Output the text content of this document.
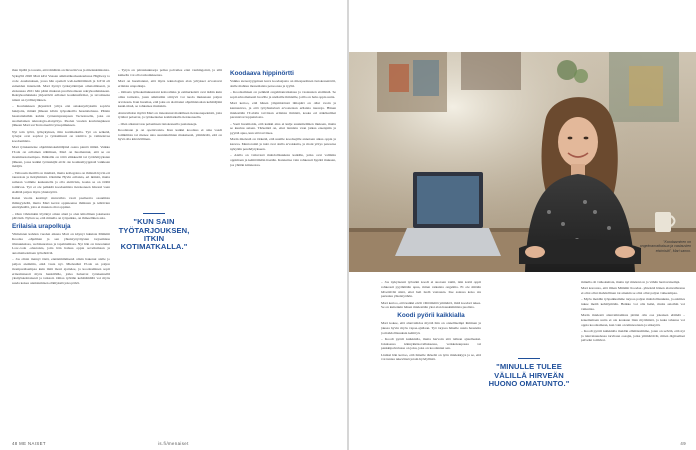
ihan lipillä ja toresin, että tämähän on hirsu hirvas ja mielenkiintoista.

Syksyllä 2020 Mari kävi Vaasan ammattikorkeakoulussa Highway to code -koulutuksen, jossa hän opetteli web-kehittämistä ja IoT:tä eli esineiden internetiä. Mari hyötyi työkaytäntöjen omatoimisesti, ja elokuussa 2021 hän pääsi mukaan puolivuotiseen rekrykoulutukseen. Rekrykoulutuksia järjestävät erilaiset koulutusfirmat, ja tavoitteena niissä on työllistyminen.

– Koulutuksen järjestävä yritys etsi asiakasyrityksiin sopivia hakijoita, minkä jälkeen kävin työpaikoilla haastattelussa. Pääsin haastatteluihin kahtia työnantajaatapaan Tecnotreelle, joka on suomalainen teknologia-alanyritys. Puolen vuoden koulutusjakson jälkeen Mari sai Tecnotreeltä työsopimuksen.

Nyt tein työtä, työkykyinen, tiiin kotimatkalla. Työ on selkeää, työajat ovat sopivat ja työkulttuuri on toimiva ja vaihtelevaa koodaamista.

Mari työskentelee ohjelmistokehittäjänä osana pientä tiimiä. Vaikka IT-ala on erilainen nähtiinen, Mari on huomannut, että se on monimuotoisempaa. Ihmisille on töitä eläkkeeltä tai työttömyyksien jälkeen, jossa kaikki työntekijät eivät ole koulusmyyppisiä vaikkaan tietäjiä.

– Valtaosin merillä on mielistä, mutta kollegoina on ihmisiä hyvin eri taustoista ja ikäryhmistä. Olemme Hyvin erilaisia, eri ikäisiä, mutta samaan voimme keskustella ja olla aktiivisia, koska se on täällä toimivaa. Työ ei ole pelkkää koodaamista tietokoneen ääressä vaan sisältää paljon myös yhteistyötä.

Kaksi vuotta kestänyt alanvaihto vaati paalteotta osaamista ihmisyydellä, mutta Mari kertoi oppineensa ihmisten ja tehtävien ennätyksillä, joita ei muuten olisi oppinut.

– Olen vihdoinkin löytänyt oman alani ja olen kiitollinen jokaisesta päivästä. Nytten se, että minulla on työpaikka, on ihmeellinen asia.

Erilaisia urapolkuja

Viimeisten kahden vuoden aikana Mari on käynyt lukuisia Mimmit Koodaa -ohjelman ja sen yhteistyöyritysten tarjoamissa tilaisuuksissa, webinaareissa ja tapahtumissa. Nyt hän on innostunut Low-code -alustoista, joita hän haluaa oppia soveltamaan ja automatisoimaan työtehtäviä.

– Jos olisin tiennyt tästä, ennäsimmäisenä olisin hakenut alalle jo paljon aiemmin, eikä vasta nyt. Mielestäni IT-ala on paljon monipuolisempaa kuin mitä moni ajattelee, ja koodaaminen sopii erinomaisesti myös henkilöille, jotka haluavat työskennellä yksityiskohtaisesti ja tarkasti. Omaa työtään kehittämällä voi myös saada kokea onnistumisen elämyksiä joka päivä.

– Tytyn on pärstakuknaoja polku polveilee ettei vanhingointi, ja silti kaikella voi olla tarkoituksensa.

Mari on huomannut, että myös teknologian alan yritykset arvostavat erilaisia urapolkuja.

– Omasta työkokemuksestani koitoallaka ja esimerkeistä ovat ikään kuin omia tarinoita, joten ammattiin siirtyvä voi tuoda mukanaan paljon arvokasta. Kun huomaa, että joku on aloittanut ohjelmistoalan kehittäjänä keski-iässä, se rohkaisee muitakin.

Alanvaihdon myötä Mari on innostunut matkilleen tietokonepeleistä, joita tyttäret pelaavat, ja työskentelee kotimatkalla tietokoneella.

– Olen alkanut taas pelaamaan tietokoneella pasiansseja.

Koodataan ja on opettavaista. Kun kaikki koodaus ei aina vaadi toimimista tai menee aina suunnitelmien mukaisesti, ymmärtää, että on hyvä olla kärsivällinen.

"KUN SAIN TYÖTARJOUKSEN, ITKIN KOTIMATKALLA."
Koodaava hippinörtti

Vaikka stereotyyppinen kuva koodaajasta on miespuolinen tietokonenörtti, alalle mahtuu monenlaista persoonaa ja tyyliä.

– Koodaamisen on pelkkää ongelmanratkaisua ja vastausten etsimistä. Se sopii erinomaisesti luoville ja uteliaille ihmisille, joilla on halu oppia uutta.

Mari kertoo, että hänen ympäristönsä ilmapiiri on ollut avoin ja kannustava, ja että työyhteisössä arvostetaan erilaisia taustoja. Hänen mielestään IT-alalla tarvitaan erilaisia ihmisiä, koska eri näkökulmat parantavat lopputulosta.

– Saatt huomioida, että kaikki aina ei kulje suunnitelmien mukaan, mutta se kuuluu asiaan. Tärkeintä on, ettei lannistu vaan jatkaa eteenpäin ja pyytää apua, kun sitä tarvitsee.

Marin mielestä on tärkeää, että uusille koodaajille annetaan aikaa oppia ja kasvaa. Mentorointi ja tuki ovat alalla arvokkaita, ja moni yritys panostaa nykyään perehdytykseen.

– Alalla on valtavasti mahdollisuuksia kaikille, jotka ovat valmiita oppimaan ja kehittämään itseään. Kannattaa vain rohkeasti hypätä mukaan, jos yhtään kiinnostaa.

48 ME NAISET	is.fi/menaiset
"Koodaaminen on ongelmanratkaisua ja vastausten etsimistä", Mari sanoo.

– Jos nykyisessä työssäni koodi ei suoraan toimi, niin kotiä oppii rohkeasti pyytämään apua, miten ratkaista ongelma. Ei ole mitään hävettävää siinä, ettei heti tiedä vastausta. Itse asiassa koko ala perustuu yhteistyöhön.

Mari kertoo, että kaikki eivät välttämättä ymmärrä, mitä koodari tekee. Se on kuitenkin hänen mielestään yksi alan hauskimmista puolista.

Koodi pyörii kaikkialla

Mari kokee, että alanvaihdos myötä hän on onnellisempi ihminen ja jaksaa hyvin myös vapaa-ajallaan. Työ tarjoaa hänelle uusia haasteita ja mahdollisuuksia kehittyä.

– Koodi pyörii kaikkialla, mutta harvoin sitä tullaan ajatelleeksi. Jokaisessa kännykkäsovelluksessa, verkkokaupassa tai pankkipalvelussa on joku, joka on koodannut sen.

Lisäksi hän kertoo, että hänelle tärkeää on työn mielekkyys ja se, että voi tuntea tekevänsä jotain hyödyllistä.

"MINULLE TULEE VÄLILLÄ HIRVEÄN HUONO OMATUNTO."

minulla oli valkokuitsia, mutta nyt mieleni on jo vähän luottavaisempi.

Mari korostaa, että ilman Mimmit Koodaa -yhteisöä hänen alanvaihtonsa ei olisi ollut mahdollinen tai ainakin se olisi ollut paljon vaikeampaa.

– Myös meidän työpaikkamme tarjoaa paljon mahdollisuuksia, ja esimies tukee meitä kehittymään. Heikko voi olla hetki, mutta asioihin voi vaikuttaa.

Marin mielestä alanvaihtamista pitäisi olla osa jokaisen elämää – kokeilemaan uutta ei ole koskaan liian myöhäistä, ja kuka tahansa voi oppia koodaamaan, kun vain on kiinnostusta ja sitkeyttä.

– Koodi pyörii kaikkialla meidän elämässämme, joten on selvää, että nyt ja tulevaisuudessa tarvitaan osaajia, jotka ymmärtävät, miten digitaaliset palvelut toimivat.

49
